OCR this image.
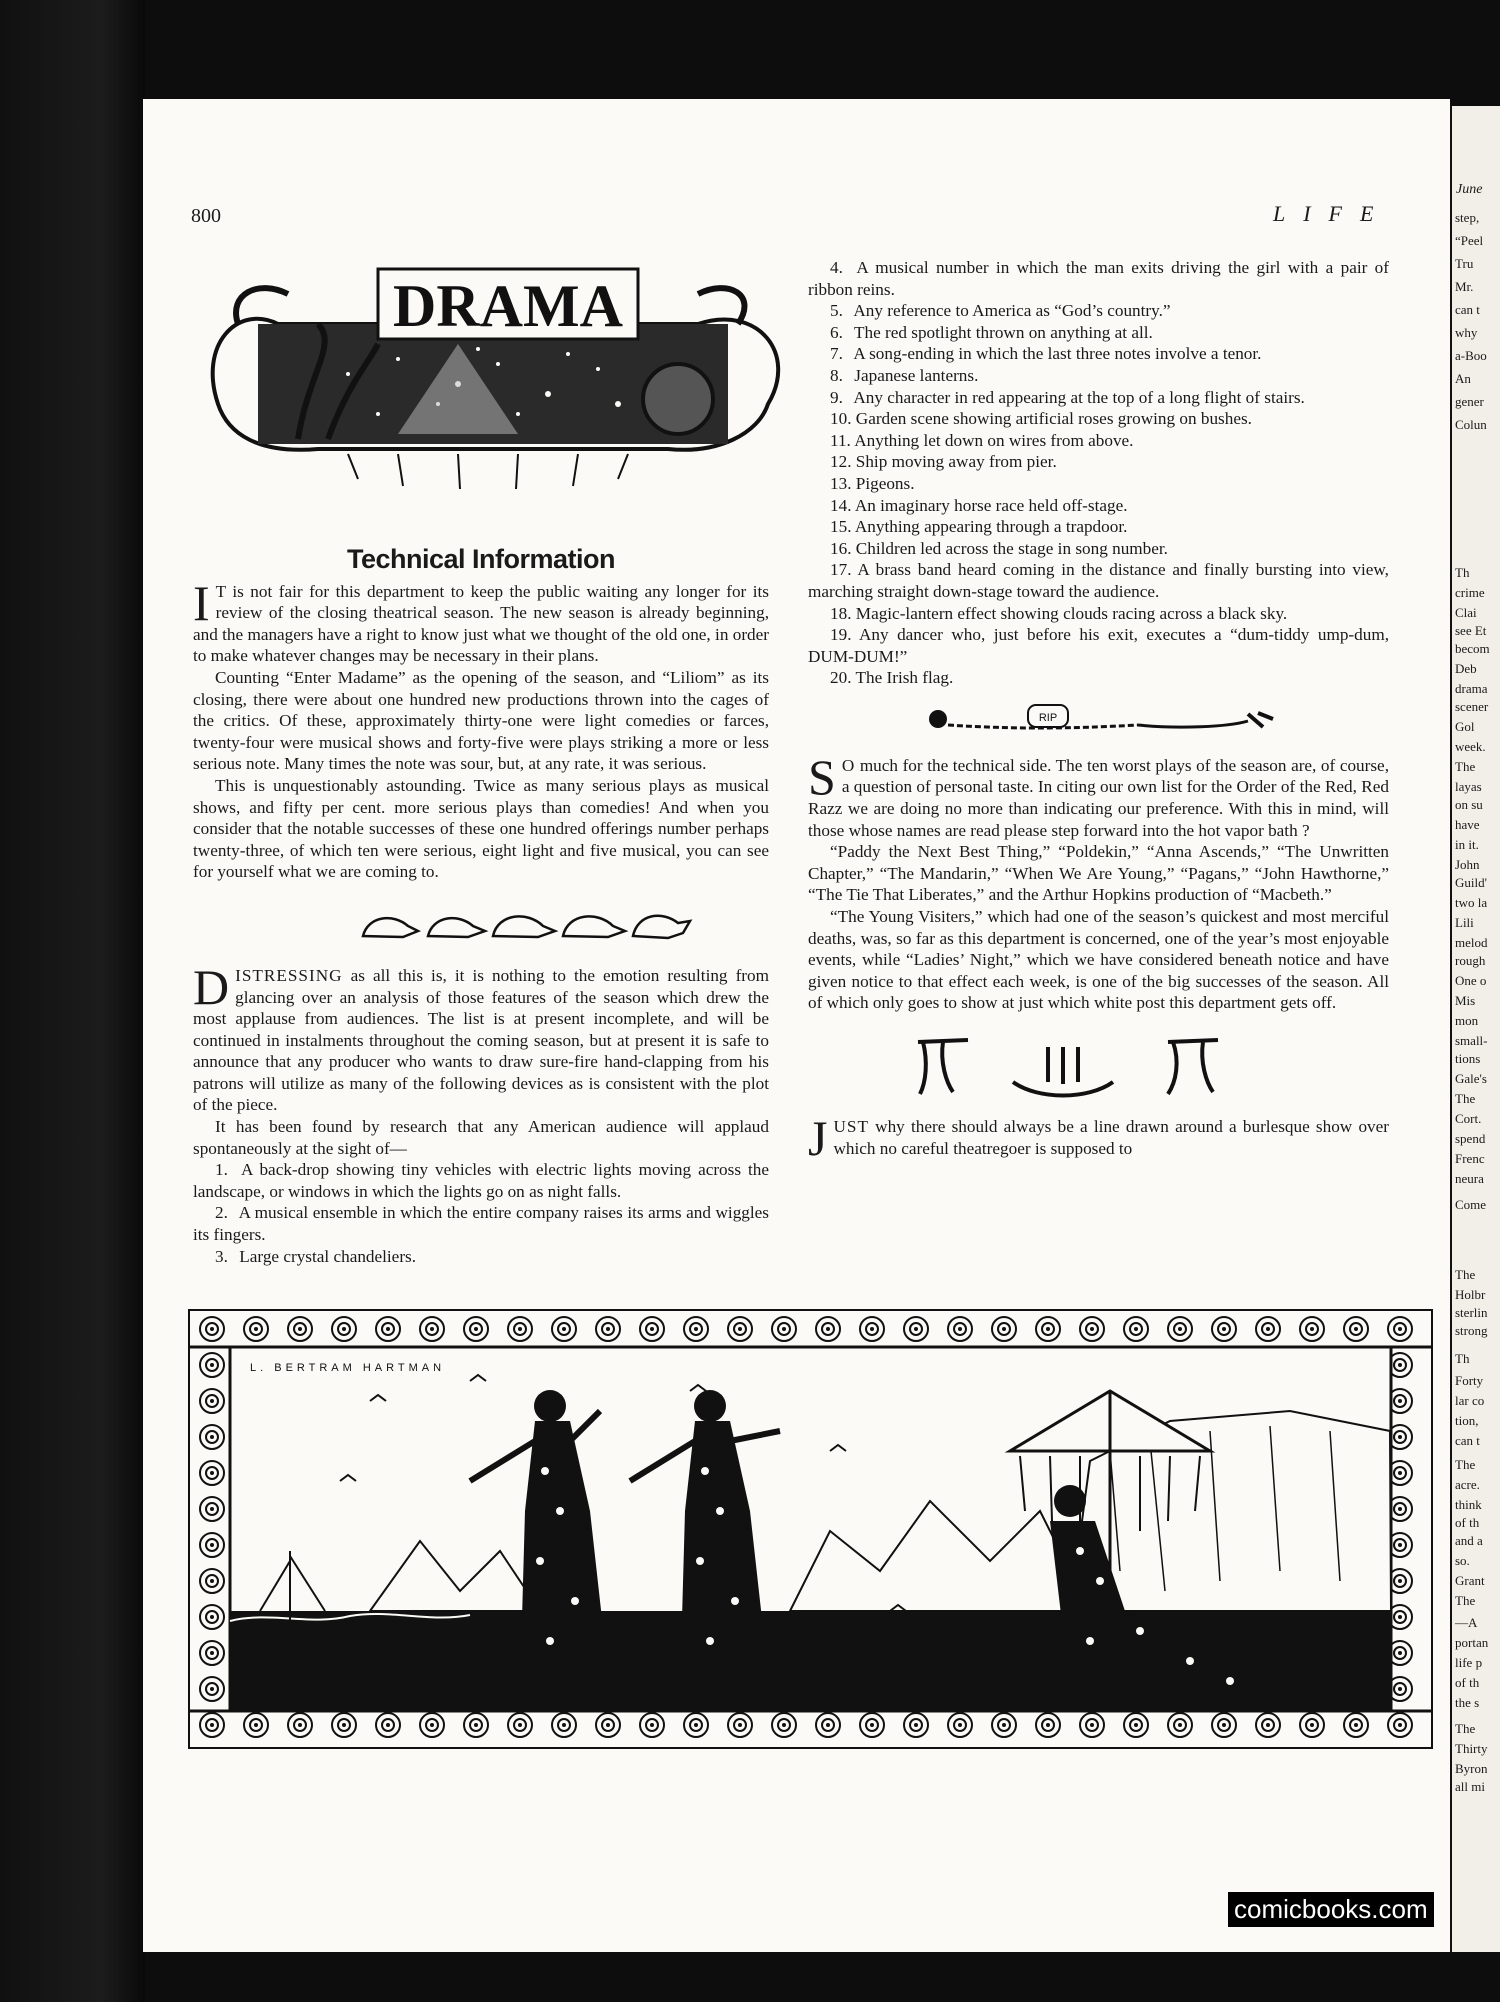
800	LIFE
DRAMA
Technical Information

I T is not fair for this department to keep the public waiting any longer for its review of the closing theatrical season. The new season is already beginning, and the managers have a right to know just what we thought of the old one, in order to make whatever changes may be necessary in their plans.

Counting “Enter Madame” as the opening of the season, and “Liliom” as its closing, there were about one hundred new productions thrown into the cages of the critics. Of these, approximately thirty-one were light comedies or farces, twenty-four were musical shows and forty-five were plays striking a more or less serious note. Many times the note was sour, but, at any rate, it was serious.

This is unquestionably astounding. Twice as many serious plays as musical shows, and fifty per cent. more serious plays than comedies! And when you consider that the notable successes of these one hundred offerings number perhaps twenty-three, of which ten were serious, eight light and five musical, you can see for yourself what we are coming to.

DISTRESSING as all this is, it is nothing to the emotion resulting from glancing over an analysis of those features of the season which drew the most applause from audiences. The list is at present incomplete, and will be continued in instalments throughout the coming season, but at present it is safe to announce that any producer who wants to draw sure-fire hand-clapping from his patrons will utilize as many of the following devices as is consistent with the plot of the piece.

It has been found by research that any American audience will applaud spontaneously at the sight of—

1. A back-drop showing tiny vehicles with electric lights moving across the landscape, or windows in which the lights go on as night falls.

2. A musical ensemble in which the entire company raises its arms and wiggles its fingers.

3. Large crystal chandeliers.

4. A musical number in which the man exits driving the girl with a pair of ribbon reins.

5. Any reference to America as “God’s country.”

6. The red spotlight thrown on anything at all.

7. A song-ending in which the last three notes involve a tenor.

8. Japanese lanterns.

9. Any character in red appearing at the top of a long flight of stairs.

10. Garden scene showing artificial roses growing on bushes.

11. Anything let down on wires from above.

12. Ship moving away from pier.

13. Pigeons.

14. An imaginary horse race held off-stage.

15. Anything appearing through a trapdoor.

16. Children led across the stage in song number.

17. A brass band heard coming in the distance and finally bursting into view, marching straight down-stage toward the audience.

18. Magic-lantern effect showing clouds racing across a black sky.

19. Any dancer who, just before his exit, executes a “dum-tiddy ump-dum, DUM-DUM!”

20. The Irish flag.

RIP

S O much for the technical side. The ten worst plays of the season are, of course, a question of personal taste. In citing our own list for the Order of the Red, Red Razz we are doing no more than indicating our preference. With this in mind, will those whose names are read please step forward into the hot vapor bath ?

“Paddy the Next Best Thing,” “Poldekin,” “Anna Ascends,” “The Unwritten Chapter,” “The Mandarin,” “When We Are Young,” “Pagans,” “John Hawthorne,” “The Tie That Liberates,” and the Arthur Hopkins production of “Macbeth.”

“The Young Visiters,” which had one of the season’s quickest and most merciful deaths, was, so far as this department is concerned, one of the year’s most enjoyable events, while “Ladies’ Night,” which we have considered beneath notice and have given notice to that effect each week, is one of the big successes of the season. All of which only goes to show at just which white post this department gets off.

JUST why there should always be a line drawn around a burlesque show over which no careful theatregoer is supposed to

L. BERTRAM HARTMAN
comicbooks.com
June
step,
“Peel
Tru
Mr.
can t
why
a-Boo
An
gener
Colun
Th
crime
Clai
see Et
becom
Deb
drama
scener
Gol
week.
The
layas
on su
have
in it.
John
Guild'
two la
Lili
melod
rough
One o
Mis
mon
small-
tions
Gale's
The
Cort.
spend
Frenc
neura
Come
The
Holbr
sterlin
strong
Th
Forty
lar co
tion,
can t
The
acre.
think
of th
and a
so.
Grant
The
—A
portan
life p
of th
the s
The
Thirty
Byron
all mi
